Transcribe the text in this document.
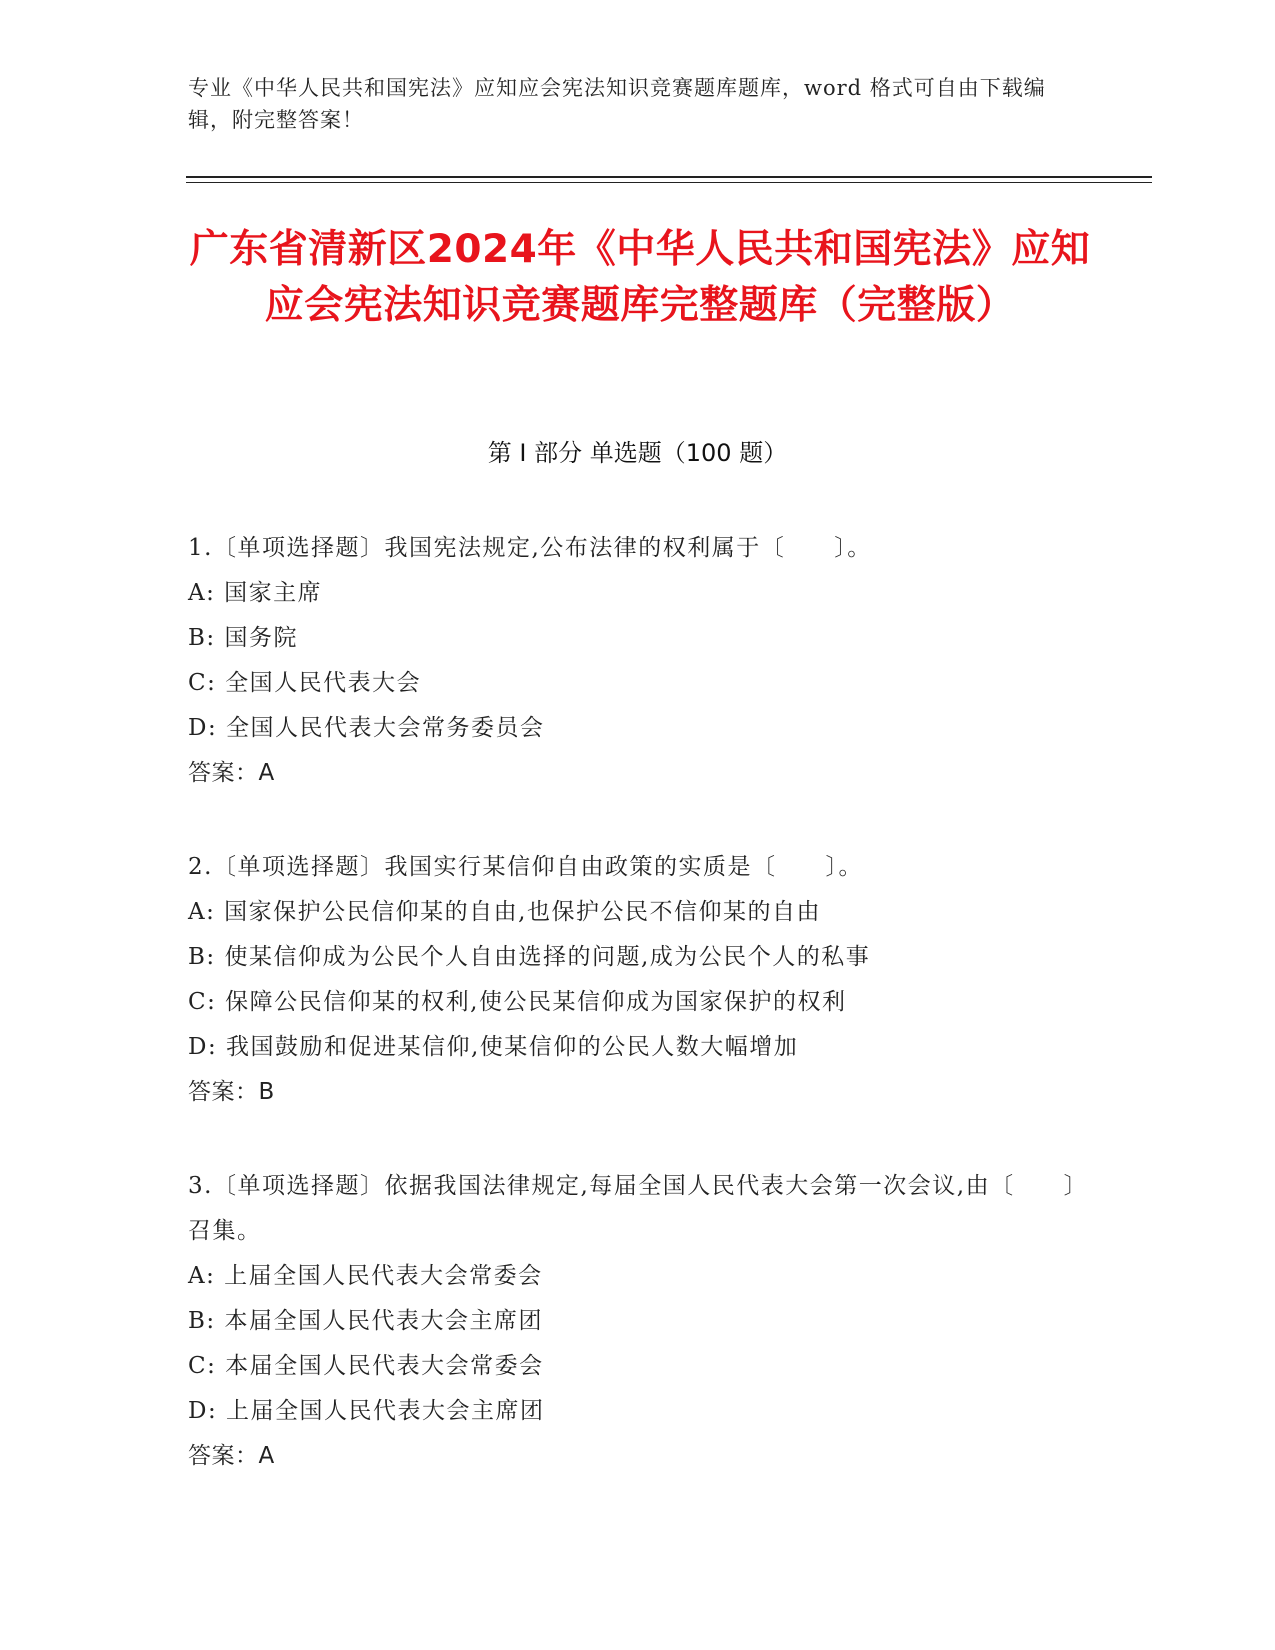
专业《中华人民共和国宪法》应知应会宪法知识竞赛题库题库，word 格式可自由下载编辑，附完整答案！
广东省清新区2024年《中华人民共和国宪法》应知应会宪法知识竞赛题库完整题库（完整版）
第 I 部分 单选题（100 题）
1.〔单项选择题〕我国宪法规定,公布法律的权利属于〔　　〕。
A: 国家主席
B: 国务院
C: 全国人民代表大会
D: 全国人民代表大会常务委员会
答案：A
2.〔单项选择题〕我国实行某信仰自由政策的实质是〔　　〕。
A: 国家保护公民信仰某的自由,也保护公民不信仰某的自由
B: 使某信仰成为公民个人自由选择的问题,成为公民个人的私事
C: 保障公民信仰某的权利,使公民某信仰成为国家保护的权利
D: 我国鼓励和促进某信仰,使某信仰的公民人数大幅增加
答案：B
3.〔单项选择题〕依据我国法律规定,每届全国人民代表大会第一次会议,由〔　　〕召集。
A: 上届全国人民代表大会常委会
B: 本届全国人民代表大会主席团
C: 本届全国人民代表大会常委会
D: 上届全国人民代表大会主席团
答案：A
